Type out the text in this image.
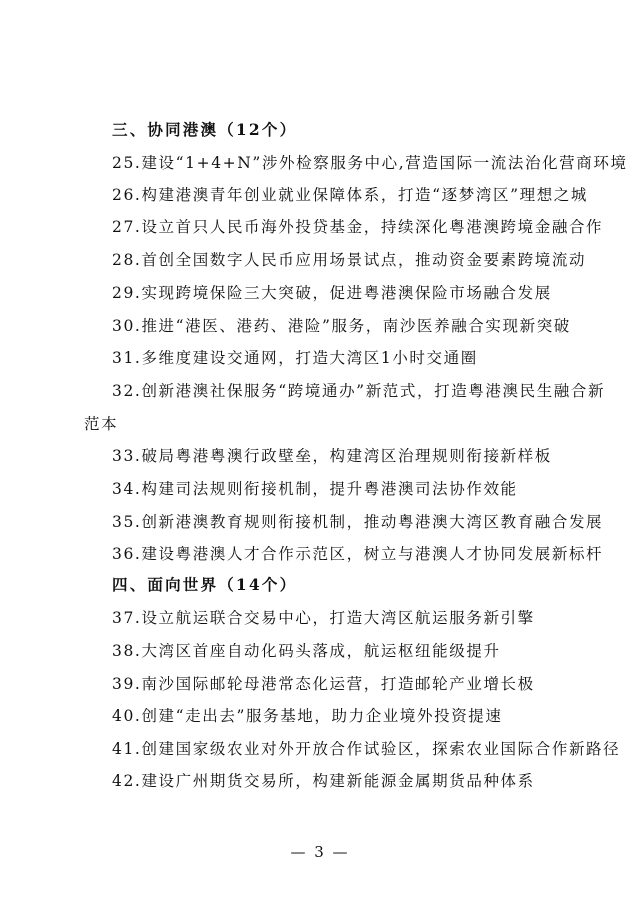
三、协同港澳（12个）
25.建设“1+4+N”涉外检察服务中心,营造国际一流法治化营商环境
26.构建港澳青年创业就业保障体系，打造“逐梦湾区”理想之城
27.设立首只人民币海外投贷基金，持续深化粤港澳跨境金融合作
28.首创全国数字人民币应用场景试点，推动资金要素跨境流动
29.实现跨境保险三大突破，促进粤港澳保险市场融合发展
30.推进“港医、港药、港险”服务，南沙医养融合实现新突破
31.多维度建设交通网，打造大湾区1小时交通圈
32.创新港澳社保服务“跨境通办”新范式，打造粤港澳民生融合新
范本
33.破局粤港粤澳行政壁垒，构建湾区治理规则衔接新样板
34.构建司法规则衔接机制，提升粤港澳司法协作效能
35.创新港澳教育规则衔接机制，推动粤港澳大湾区教育融合发展
36.建设粤港澳人才合作示范区，树立与港澳人才协同发展新标杆
四、面向世界（14个）
37.设立航运联合交易中心，打造大湾区航运服务新引擎
38.大湾区首座自动化码头落成，航运枢纽能级提升
39.南沙国际邮轮母港常态化运营，打造邮轮产业增长极
40.创建“走出去”服务基地，助力企业境外投资提速
41.创建国家级农业对外开放合作试验区，探索农业国际合作新路径
42.建设广州期货交易所，构建新能源金属期货品种体系
— 3 —
